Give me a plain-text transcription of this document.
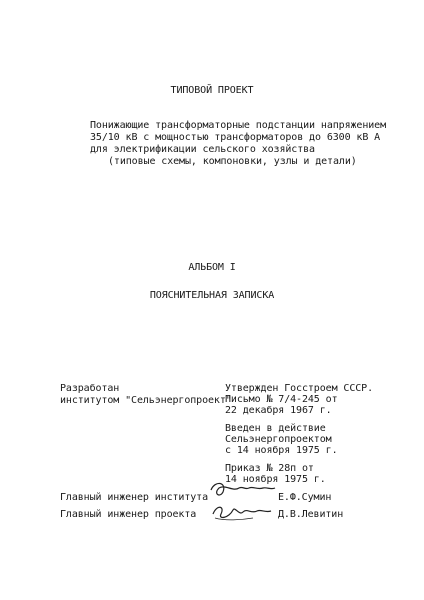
ТИПОВОЙ ПРОЕКТ
Понижающие трансформаторные подстанции напряжением
35/10 кВ с мощностью трансформаторов до 6300 кВ А
для электрификации сельского хозяйства
(типовые схемы, компоновки, узлы и детали)
АЛЬБОМ I
ПОЯСНИТЕЛЬНАЯ ЗАПИСКА
Разработан
институтом "Сельэнергопроект"
Утвержден Госстроем СССР.
Письмо № 7/4-245 от
22 декабря 1967 г.
Введен в действие
Сельэнергопроектом
с 14 ноября 1975 г.
Приказ № 28п от
14 ноября 1975 г.
Главный инженер института
Главный инженер проекта
Е.Ф.Сумин
Д.В.Левитин
